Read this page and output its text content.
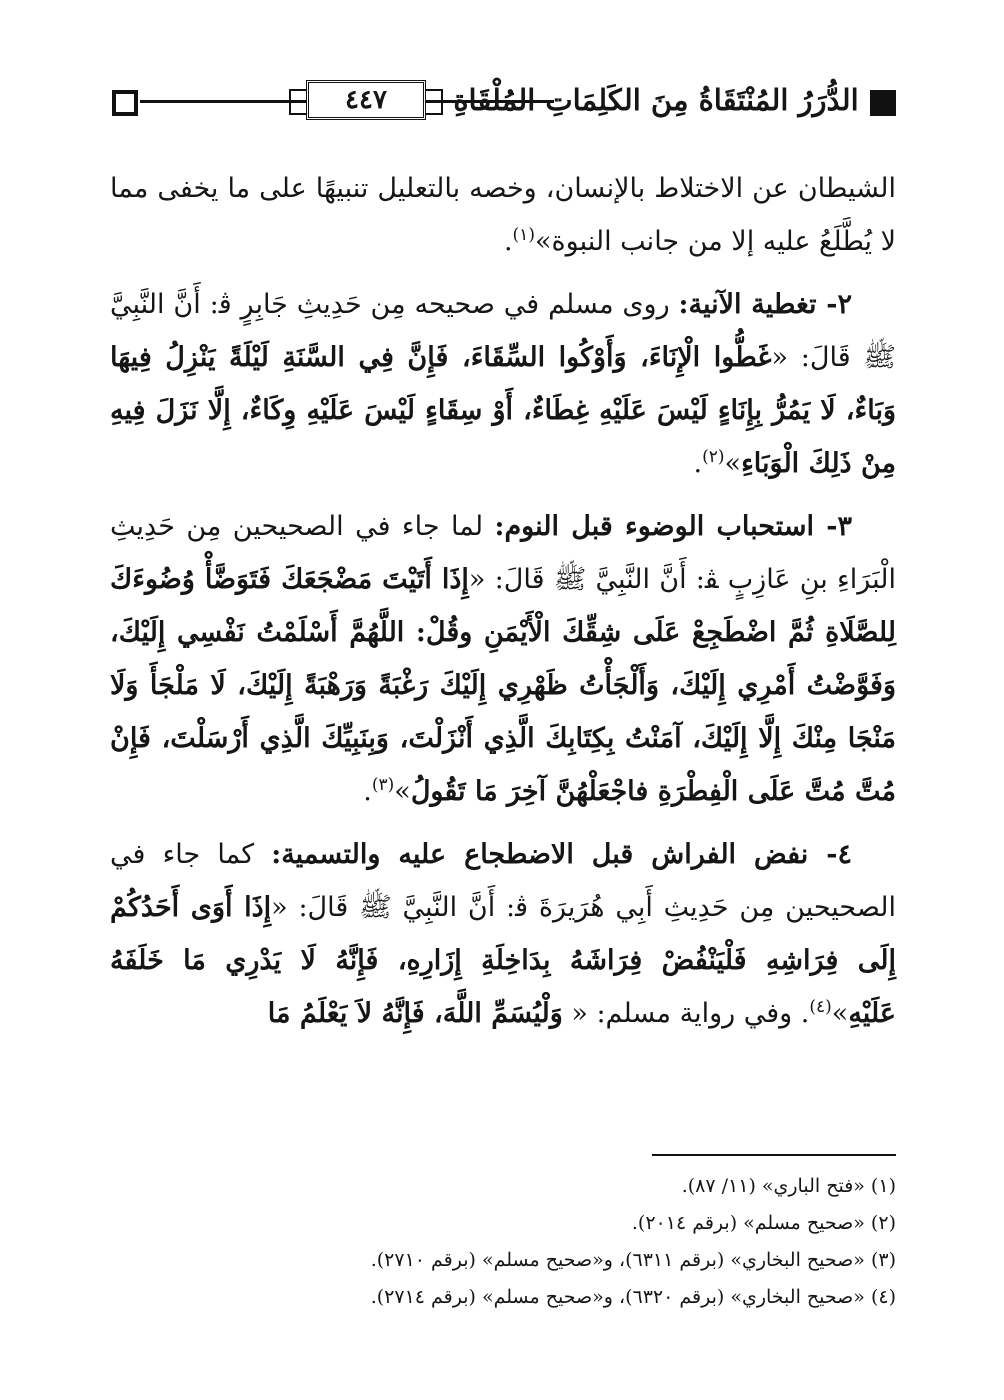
٤٤٧	الدُّرَرُ المُنْتَقَاةُ مِنَ الكَلِمَاتِ المُلْقَاةِ

الشيطان عن الاختلاط بالإنسان، وخصه بالتعليل تنبيهًا على ما يخفى مما لا يُطَّلَعُ عليه إلا من جانب النبوة»$^{(١)}$.

٢- تغطية الآنية: روى مسلم في صحيحه مِن حَدِيثِ جَابِرٍ ﭬ: أَنَّ النَّبِيَّ ﷺ قَالَ: «غَطُّوا الْإِنَاءَ، وَأَوْكُوا السِّقَاءَ، فَإِنَّ فِي السَّنَةِ لَيْلَةً يَنْزِلُ فِيهَا وَبَاءٌ، لَا يَمُرُّ بِإِنَاءٍ لَيْسَ عَلَيْهِ غِطَاءٌ، أَوْ سِقَاءٍ لَيْسَ عَلَيْهِ وِكَاءٌ، إِلَّا نَزَلَ فِيهِ مِنْ ذَلِكَ الْوَبَاءِ»$^{(٢)}$.

٣- استحباب الوضوء قبل النوم: لما جاء في الصحيحين مِن حَدِيثِ الْبَرَاءِ بنِ عَازِبٍ ﭭ: أَنَّ النَّبِيَّ ﷺ قَالَ: «إِذَا أَتَيْتَ مَضْجَعَكَ فَتَوَضَّأْ وُضُوءَكَ لِلصَّلَاةِ ثُمَّ اضْطَجِعْ عَلَى شِقِّكَ الْأَيْمَنِ وقُلْ: اللَّهُمَّ أَسْلَمْتُ نَفْسِي إِلَيْكَ، وَفَوَّضْتُ أَمْرِي إِلَيْكَ، وَأَلْجَأْتُ ظَهْرِي إِلَيْكَ رَغْبَةً وَرَهْبَةً إِلَيْكَ، لَا مَلْجَأَ وَلَا مَنْجَا مِنْكَ إِلَّا إِلَيْكَ، آمَنْتُ بِكِتَابِكَ الَّذِي أَنْزَلْتَ، وَبِنَبِيِّكَ الَّذِي أَرْسَلْتَ، فَإِنْ مُتَّ مُتَّ عَلَى الْفِطْرَةِ فاجْعَلْهُنَّ آخِرَ مَا تَقُولُ»$^{(٣)}$.

٤- نفض الفراش قبل الاضطجاع عليه والتسمية: كما جاء في الصحيحين مِن حَدِيثِ أَبِي هُرَيرَةَ ﭬ: أَنَّ النَّبِيَّ ﷺ قَالَ: «إِذَا أَوَى أَحَدُكُمْ إِلَى فِرَاشِهِ فَلْيَنْفُضْ فِرَاشَهُ بِدَاخِلَةِ إِزَارِهِ، فَإِنَّهُ لَا يَدْرِي مَا خَلَفَهُ عَلَيْهِ»$^{(٤)}$. وفي رواية مسلم: « وَلْيُسَمِّ اللَّهَ، فَإِنَّهُ لاَ يَعْلَمُ مَا

(١) «فتح الباري» (١١/ ٨٧).

(٢) «صحيح مسلم» (برقم ٢٠١٤).

(٣) «صحيح البخاري» (برقم ٦٣١١)، و«صحيح مسلم» (برقم ٢٧١٠).

(٤) «صحيح البخاري» (برقم ٦٣٢٠)، و«صحيح مسلم» (برقم ٢٧١٤).
